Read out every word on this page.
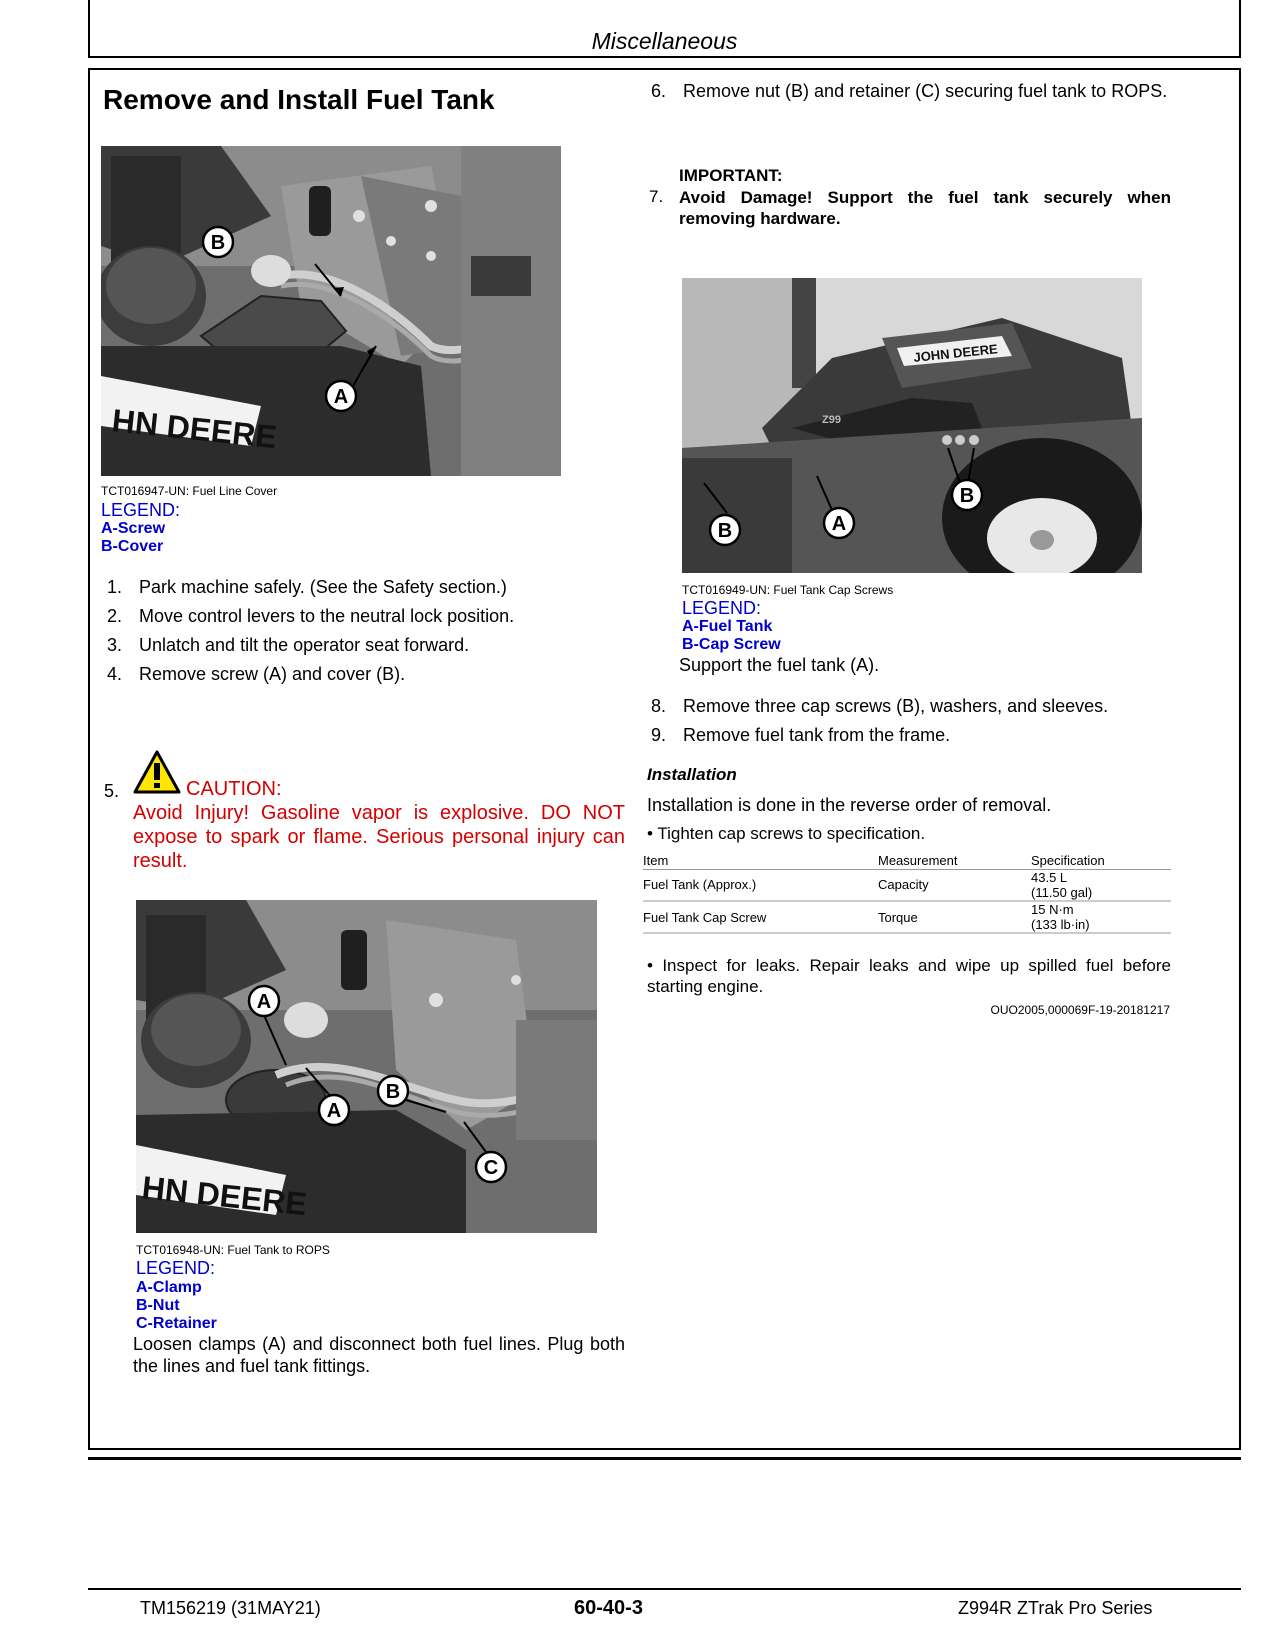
Miscellaneous
Remove and Install Fuel Tank
HN DEERE
B
A
TCT016947-UN: Fuel Line Cover
LEGEND:
A-Screw
B-Cover
1. Park machine safely. (See the Safety section.)
2. Move control levers to the neutral lock position.
3. Unlatch and tilt the operator seat forward.
4. Remove screw (A) and cover (B).
5.	CAUTION:
Avoid Injury! Gasoline vapor is explosive. DO NOT expose to spark or flame. Serious personal injury can result.
HN DEERE
A
A
B
C
TCT016948-UN: Fuel Tank to ROPS
LEGEND:
A-Clamp
B-Nut
C-Retainer
Loosen clamps (A) and disconnect both fuel lines. Plug both the lines and fuel tank fittings.
6. Remove nut (B) and retainer (C) securing fuel tank to ROPS.
IMPORTANT:
7. Avoid Damage! Support the fuel tank securely when removing hardware.
JOHN DEERE
Z99
B
B	A
TCT016949-UN: Fuel Tank Cap Screws
LEGEND:
A-Fuel Tank
B-Cap Screw
Support the fuel tank (A).
8. Remove three cap screws (B), washers, and sleeves.
9. Remove fuel tank from the frame.
Installation
Installation is done in the reverse order of removal.
• Tighten cap screws to specification.
Item	Measurement	Specification
Fuel Tank (Approx.)	Capacity	43.5 L
(11.50 gal)
Fuel Tank Cap Screw	Torque	15 N·m
(133 lb·in)
• Inspect for leaks. Repair leaks and wipe up spilled fuel before starting engine.
OUO2005,000069F-19-20181217
TM156219 (31MAY21)	60-40-3	Z994R ZTrak Pro Series
